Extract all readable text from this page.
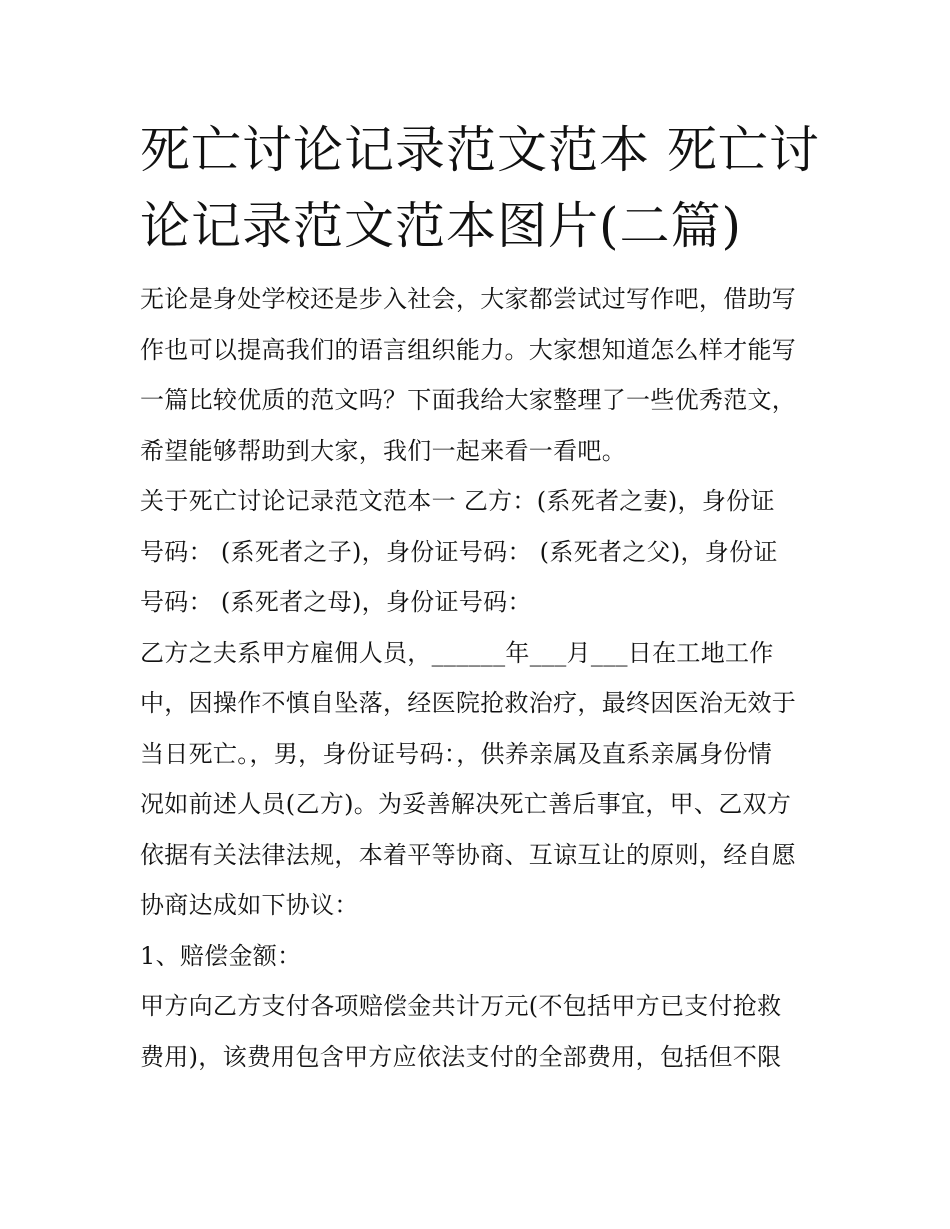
死亡讨论记录范文范本 死亡讨
论记录范文范本图片(二篇)

无论是身处学校还是步入社会，大家都尝试过写作吧，借助写
作也可以提高我们的语言组织能力。大家想知道怎么样才能写
一篇比较优质的范文吗？下面我给大家整理了一些优秀范文，
希望能够帮助到大家，我们一起来看一看吧。

关于死亡讨论记录范文范本一 乙方：(系死者之妻)，身份证
号码： (系死者之子)，身份证号码： (系死者之父)，身份证
号码： (系死者之母)，身份证号码：

乙方之夫系甲方雇佣人员，______年___月___日在工地工作
中，因操作不慎自坠落，经医院抢救治疗，最终因医治无效于
当日死亡。，男，身份证号码：，供养亲属及直系亲属身份情
况如前述人员(乙方)。为妥善解决死亡善后事宜，甲、乙双方
依据有关法律法规，本着平等协商、互谅互让的原则，经自愿
协商达成如下协议：

1、赔偿金额：

甲方向乙方支付各项赔偿金共计万元(不包括甲方已支付抢救
费用)，该费用包含甲方应依法支付的全部费用，包括但不限
